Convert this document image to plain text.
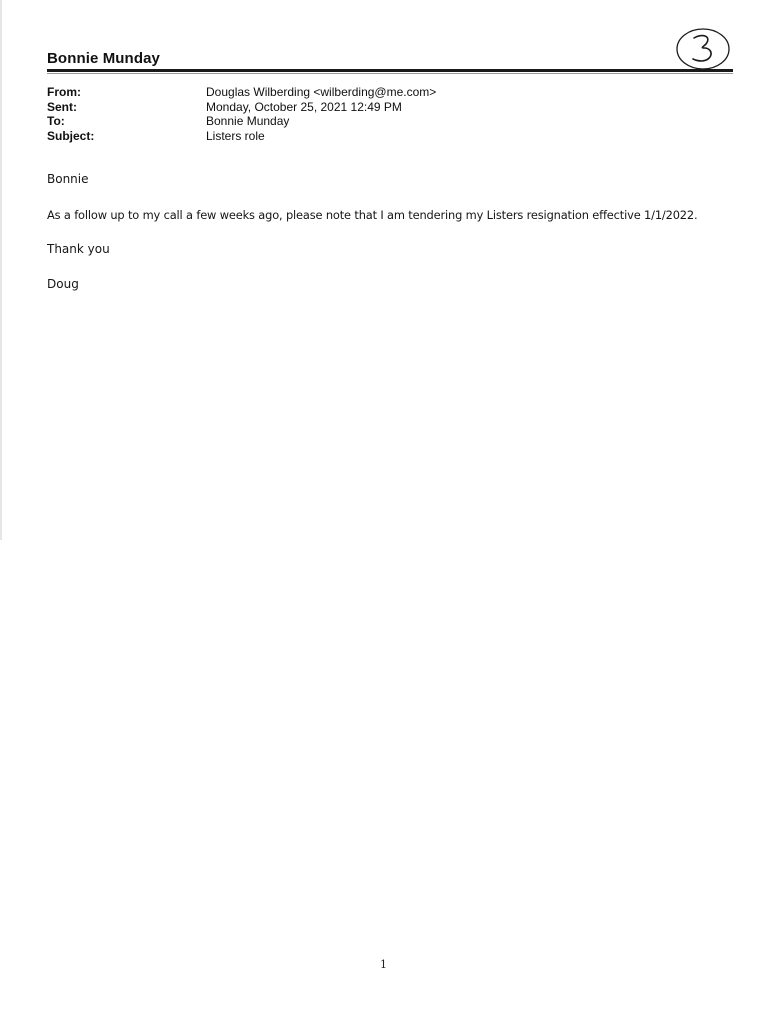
Bonnie Munday
From:	Douglas Wilberding <wilberding@me.com>
Sent:	Monday, October 25, 2021 12:49 PM
To:	Bonnie Munday
Subject:	Listers role
Bonnie
As a follow up to my call a few weeks ago, please note that I am tendering my Listers resignation effective 1/1/2022.
Thank you
Doug
1
